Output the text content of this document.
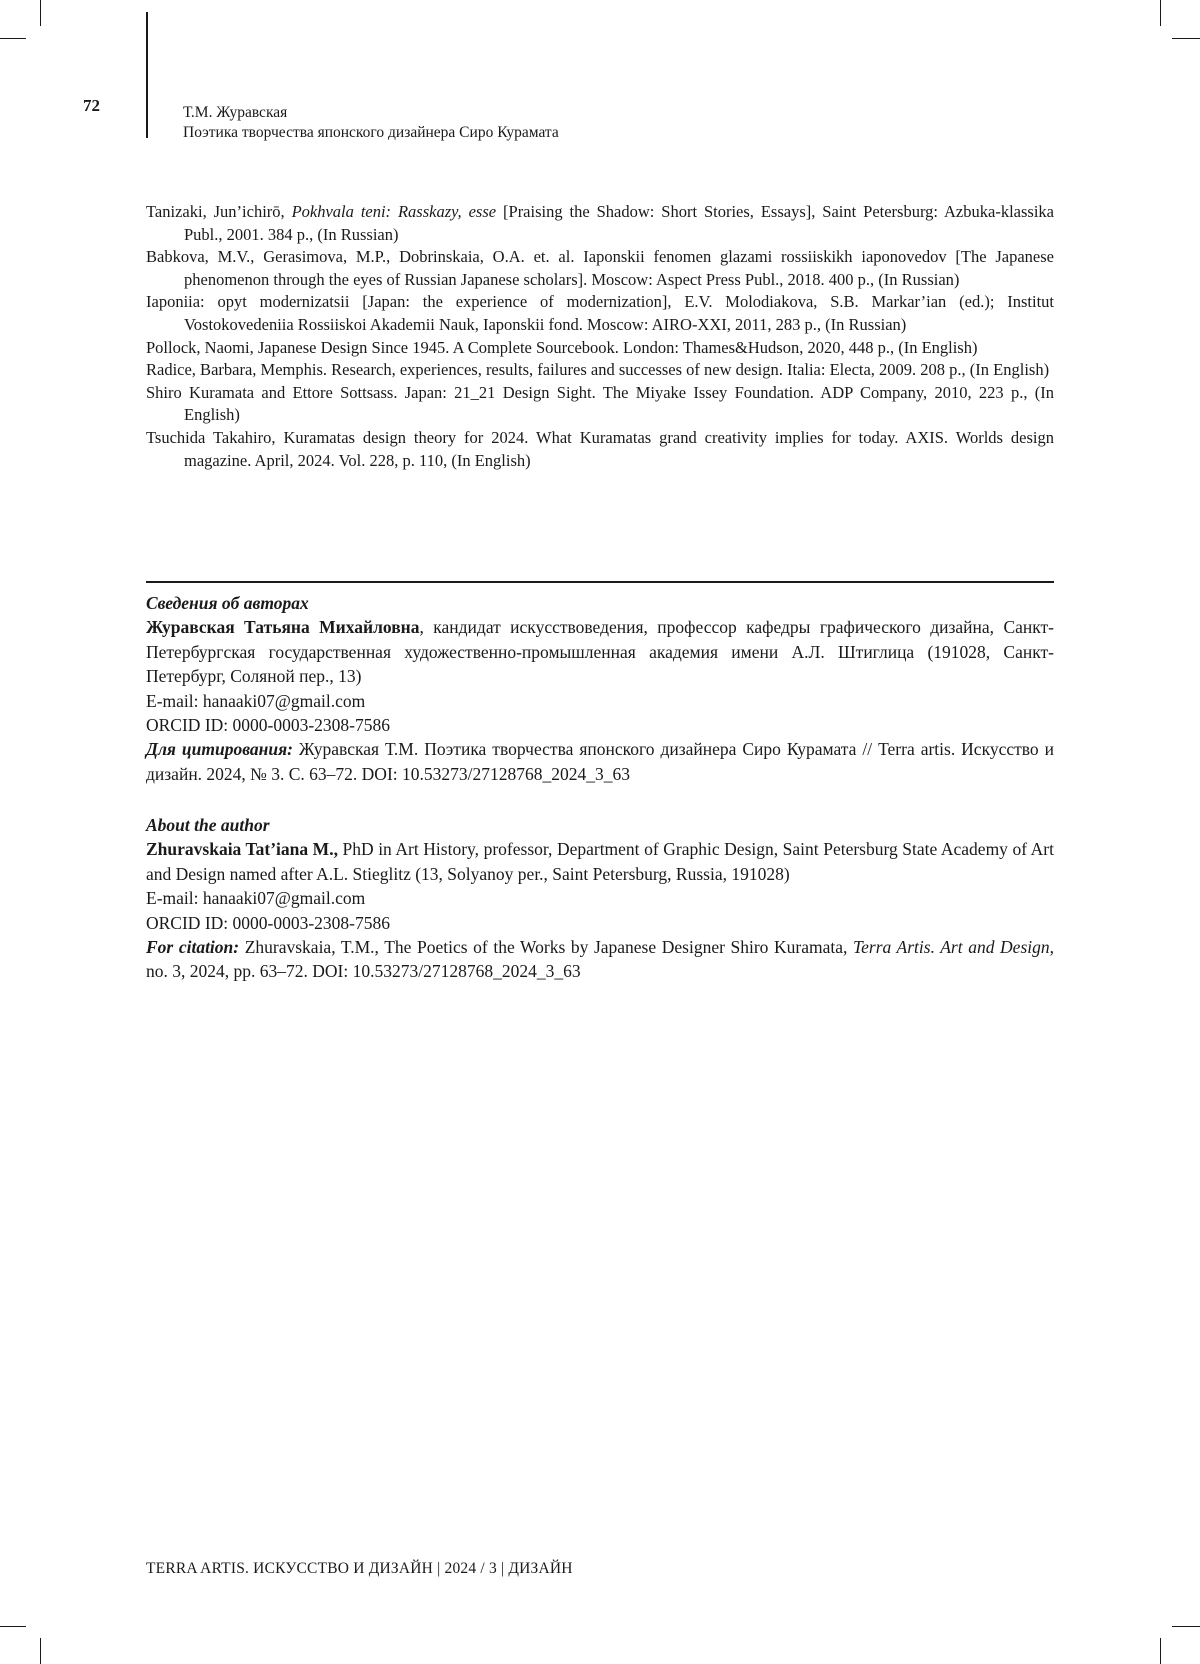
72	Т.М. Журавская
Поэтика творчества японского дизайнера Сиро Курамата

Tanizaki, Jun’ichirō, Pokhvala teni: Rasskazy, esse [Praising the Shadow: Short Stories, Essays], Saint Petersburg: Azbuka-klassika Publ., 2001. 384 p., (In Russian)

Babkova, M.V., Gerasimova, M.P., Dobrinskaia, O.A. et. al. Iaponskii fenomen glazami rossiiskikh iaponovedov [The Japanese phenomenon through the eyes of Russian Japanese scholars]. Moscow: Aspect Press Publ., 2018. 400 p., (In Russian)

Iaponiia: opyt modernizatsii [Japan: the experience of modernization], E.V. Molodiakova, S.B. Markar’ian (ed.); Institut Vostokovedeniia Rossiiskoi Akademii Nauk, Iaponskii fond. Moscow: AIRO-XXI, 2011, 283 p., (In Russian)

Pollock, Naomi, Japanese Design Since 1945. A Complete Sourcebook. London: Thames&Hudson, 2020, 448 p., (In English)

Radice, Barbara, Memphis. Research, experiences, results, failures and successes of new design. Italia: Electa, 2009. 208 p., (In English)

Shiro Kuramata and Ettore Sottsass. Japan: 21_21 Design Sight. The Miyake Issey Foundation. ADP Company, 2010, 223 p., (In English)

Tsuchida Takahiro, Kuramatas design theory for 2024. What Kuramatas grand creativity implies for today. AXIS. Worlds design magazine. April, 2024. Vol. 228, p. 110, (In English)

Сведения об авторах

Журавская Татьяна Михайловна, кандидат искусствоведения, профессор кафедры графического дизайна, Санкт-Петербургская государственная художественно-промышленная академия имени А.Л. Штиглица (191028, Санкт-Петербург, Соляной пер., 13)

E-mail: hanaaki07@gmail.com

ORCID ID: 0000-0003-2308-7586

Для цитирования: Журавская Т.М. Поэтика творчества японского дизайнера Сиро Курамата // Terra artis. Искусство и дизайн. 2024, № 3. С. 63–72. DOI: 10.53273/27128768_2024_3_63

About the author

Zhuravskaia Tat’iana M., PhD in Art History, professor, Department of Graphic Design, Saint Petersburg State Academy of Art and Design named after A.L. Stieglitz (13, Solyanoy per., Saint Petersburg, Russia, 191028)

E-mail: hanaaki07@gmail.com

ORCID ID: 0000-0003-2308-7586

For citation: Zhuravskaia, T.M., The Poetics of the Works by Japanese Designer Shiro Kuramata, Terra Artis. Art and Design, no. 3, 2024, pp. 63–72. DOI: 10.53273/27128768_2024_3_63

TERRA ARTIS. ИСКУССТВО И ДИЗАЙН | 2024 / 3 | ДИЗАЙН
